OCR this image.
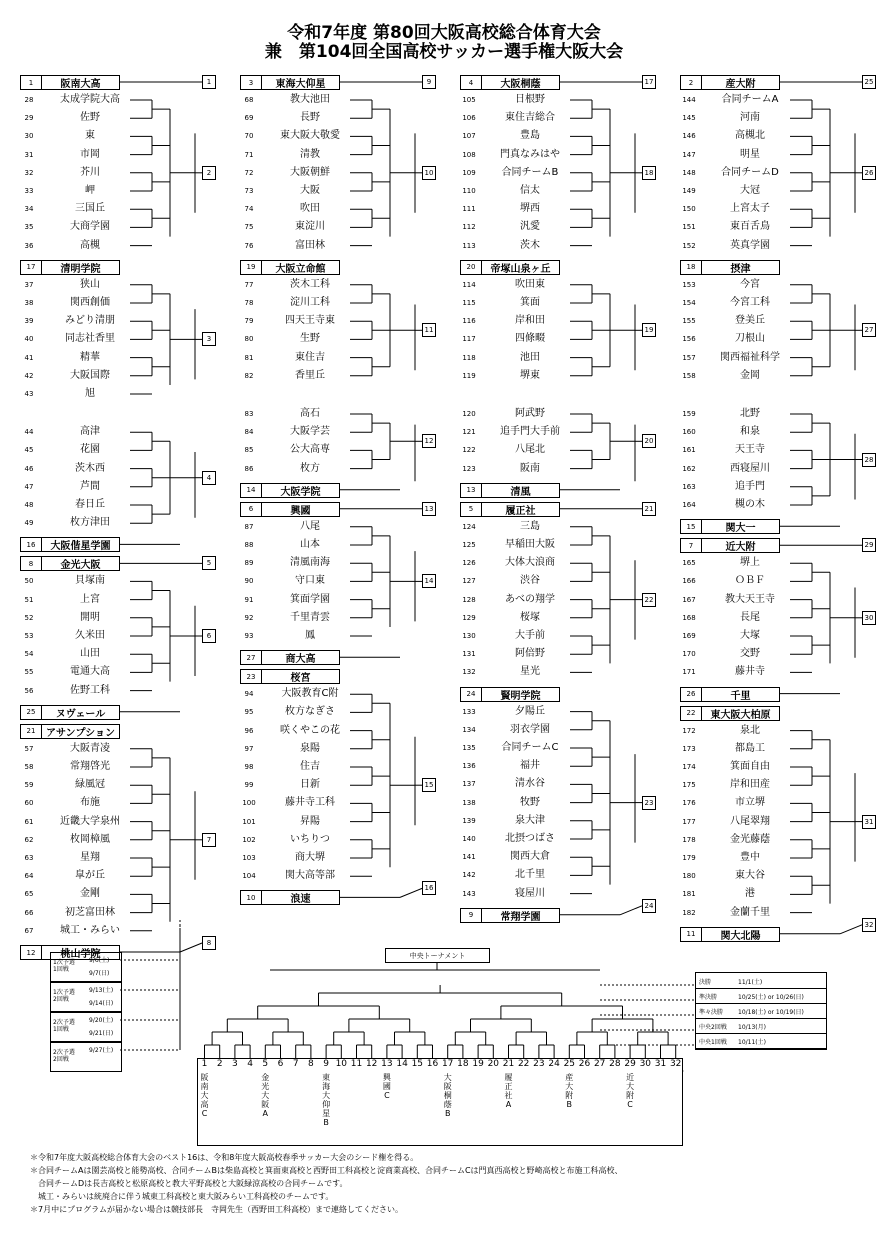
令和7年度 第80回大阪高校総合体育大会
兼　第104回全国高校サッカー選手権大阪大会
1	阪南大高	1
28	太成学院大高
29	佐野
30	東
31	市岡
32	芥川
33	岬
34	三国丘
35	大商学園
36	高槻
2
17	清明学院
37	狭山
38	関西創価
39	みどり清朋
40	同志社香里
41	精華
42	大阪国際
43	旭
3
44	高津
45	花園
46	茨木西
47	芦間
48	春日丘
49	枚方津田
4
16	大阪偕星学園
8	金光大阪	5
50	貝塚南
51	上宮
52	開明
53	久米田
54	山田
55	電通大高
56	佐野工科
6
25	ヌヴェール
21	アサンプション
57	大阪青凌
58	常翔啓光
59	緑風冠
60	布施
61	近畿大学泉州
62	枚岡樟風
63	星翔
64	皐が丘
65	金剛
66	初芝富田林
67	城工・みらい
7
12	桃山学院
8
3	東海大仰星	9
68	教大池田
69	長野
70	東大阪大敬愛
71	清教
72	大阪朝鮮
73	大阪
74	吹田
75	東淀川
76	富田林
10
19	大阪立命館
77	茨木工科
78	淀川工科
79	四天王寺東
80	生野
81	東住吉
82	香里丘
11
83	高石
84	大阪学芸
85	公大高専
86	枚方
12
14	大阪学院
6	興國	13
87	八尾
88	山本
89	清風南海
90	守口東
91	箕面学園
92	千里青雲
93	鳳
14
27	商大高
23	桜宮
94	大阪教育C附
95	枚方なぎさ
96	咲くやこの花
97	泉陽
98	住吉
99	日新
100	藤井寺工科
101	昇陽
102	いちりつ
103	商大堺
104	関大高等部
15
10	浪速
16
4	大阪桐蔭	17
105	日根野
106	東住吉総合
107	豊島
108	門真なみはや
109	合同チームB
110	信太
111	堺西
112	汎愛
113	茨木
18
20	帝塚山泉ヶ丘
114	吹田東
115	箕面
116	岸和田
117	四條畷
118	池田
119	堺東
19
120	阿武野
121	追手門大手前
122	八尾北
123	阪南
20
13	清風
5	履正社	21
124	三島
125	早稲田大阪
126	大体大浪商
127	渋谷
128	あべの翔学
129	桜塚
130	大手前
131	阿倍野
132	星光
22
24	賢明学院
133	夕陽丘
134	羽衣学園
135	合同チームC
136	福井
137	清水谷
138	牧野
139	泉大津
140	北摂つばさ
141	関西大倉
142	北千里
143	寝屋川
23
9	常翔学園
24
2	産大附	25
144	合同チームA
145	河南
146	高槻北
147	明星
148	合同チームD
149	大冠
150	上宮太子
151	東百舌鳥
152	英真学園
26
18	摂津
153	今宮
154	今宮工科
155	登美丘
156	刀根山
157	関西福祉科学
158	金岡
27
159	北野
160	和泉
161	天王寺
162	西寝屋川
163	追手門
164	槻の木
28
15	関大一
7	近大附	29
165	堺上
166	ＯＢＦ
167	教大天王寺
168	長尾
169	大塚
170	交野
171	藤井寺
30
26	千里
22	東大阪大柏原
172	泉北
173	都島工
174	箕面自由
175	岸和田産
176	市立堺
177	八尾翠翔
178	金光藤蔭
179	豊中
180	東大谷
181	港
182	金蘭千里
31
11	関大北陽
32
1次予選
1回戦
9/6(土)
9/7(日)
1次予選
2回戦
9/13(土)
9/14(日)
2次予選
1回戦
9/20(土)
9/21(日)
2次予選
2回戦
9/27(土)
中央トーナメント
決勝	11/1(土)
準決勝	10/25(土) or 10/26(日)
準々決勝	10/18(土) or 10/19(日)
中央2回戦	10/13(月)
中央1回戦	10/11(土)
1
阪
南
大
高
C
2	3	4	5
金
光
大
阪
A
6	7	8	9
東
海
大
仰
星
B
10 11 12 13
興
國
C
14 15 16 17
大
阪
桐
蔭
B
18 19 20 21
履
正
社
A
22 23 24 25
産
大
附
B
26 27 28 29
近
大
附
C
30 31 32
＊令和7年度大阪高校総合体育大会のベスト16は、令和8年度大阪高校春季サッカー大会のシード権を得る。
＊合同チームAは園芸高校と能勢高校、合同チームBは柴島高校と箕面東高校と西野田工科高校と淀商業高校、合同チームCは門真西高校と野崎高校と布施工科高校、
　合同チームDは長吉高校と松原高校と教大平野高校と大阪緑涼高校の合同チームです。
　城工・みらいは統廃合に伴う城東工科高校と東大阪みらい工科高校のチームです。
＊7月中にプログラムが届かない場合は競技部長　寺岡先生（西野田工科高校）まで連絡してください。
